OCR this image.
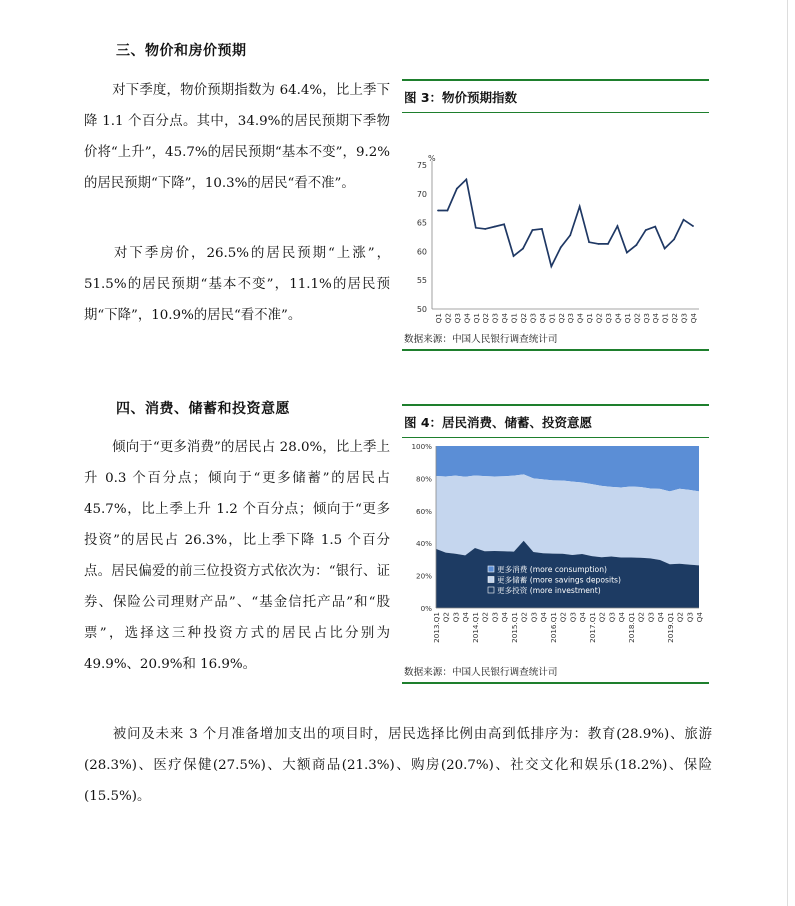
三、物价和房价预期

对下季度，物价预期指数为 64.4%，比上季下降 1.1 个百分点。其中，34.9%的居民预期下季物价将“上升”，45.7%的居民预期“基本不变”，9.2%的居民预期“下降”，10.3%的居民“看不准”。

对下季房价，26.5%的居民预期“上涨”，51.5%的居民预期“基本不变”，11.1%的居民预期“下降”，10.9%的居民“看不准”。

图 3：物价预期指数
50
55
60
65
70
75
%
Q2 Q3 Q4 Q2 Q3 Q4 Q2 Q3 Q4 Q2 Q3 Q4 Q2 Q3 Q4 Q2 Q3 Q4 Q2 Q3 Q4
数据来源：中国人民银行调查统计司
四、消费、储蓄和投资意愿

倾向于“更多消费”的居民占 28.0%，比上季上升 0.3 个百分点；倾向于“更多储蓄”的居民占 45.7%，比上季上升 1.2 个百分点；倾向于“更多投资”的居民占 26.3%，比上季下降 1.5 个百分点。居民偏爱的前三位投资方式依次为：“银行、证券、保险公司理财产品”、“基金信托产品”和“股票”，选择这三种投资方式的居民占比分别为 49.9%、20.9%和 16.9%。

图 4：居民消费、储蓄、投资意愿
0%
20%
40%
60%
80%
100%
更多消费 (more consumption)
更多储蓄 (more savings deposits)
更多投资 (more investment)
2013.Q1 Q2 Q3 Q4 2014.Q1 Q2 Q3 Q4 2015.Q1 Q2 Q3 Q4 2016.Q1 Q2 Q3 Q4 2017.Q1 Q2 Q3 Q4 2018.Q1 Q2 Q3 Q4 2019.Q1 Q2 Q3 Q4
数据来源：中国人民银行调查统计司

被问及未来 3 个月准备增加支出的项目时，居民选择比例由高到低排序为：教育(28.9%)、旅游(28.3%)、医疗保健(27.5%)、大额商品(21.3%)、购房(20.7%)、社交文化和娱乐(18.2%)、保险(15.5%)。
